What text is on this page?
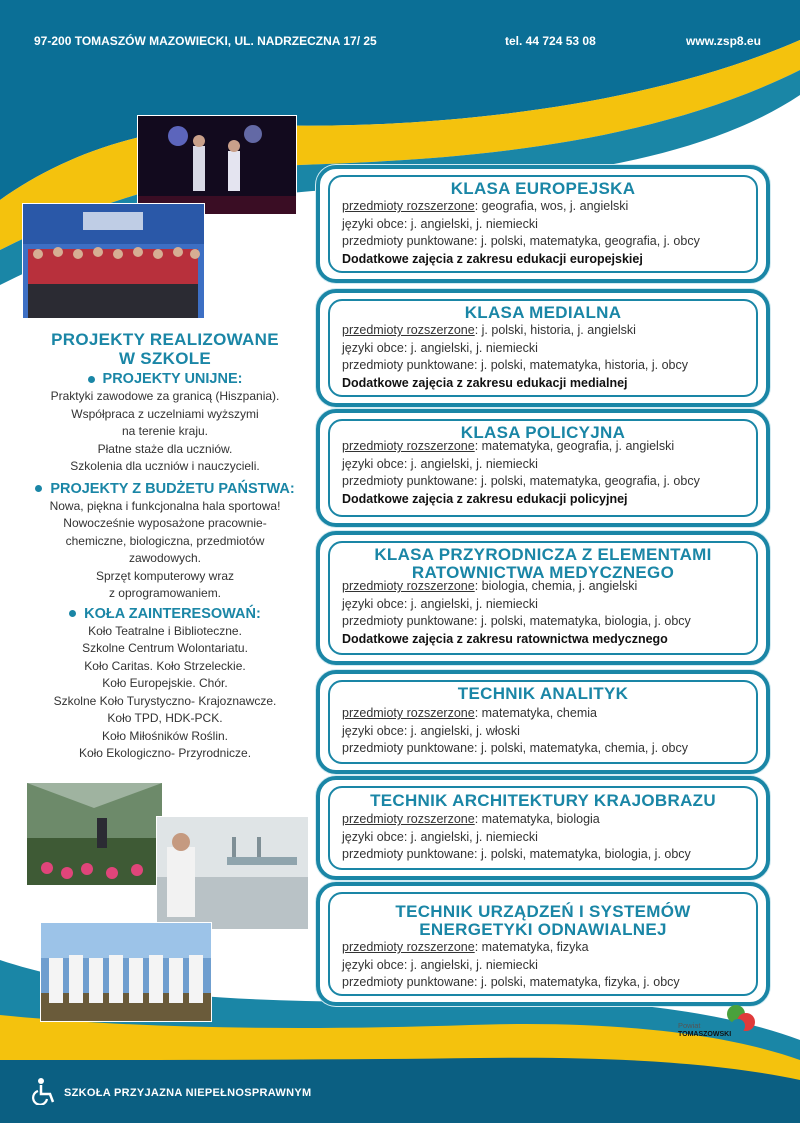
97-200 TOMASZÓW MAZOWIECKI, UL. NADRZECZNA 17/ 25	tel. 44 724 53 08	www.zsp8.eu
PROJEKTY REALIZOWANE
W SZKOLE
PROJEKTY UNIJNE:
Praktyki zawodowe za granicą (Hiszpania).
Współpraca z uczelniami wyższymi
na terenie kraju.
Płatne staże dla uczniów.
Szkolenia dla uczniów i nauczycieli.
PROJEKTY Z BUDŻETU PAŃSTWA:
Nowa, piękna i funkcjonalna hala sportowa!
Nowocześnie wyposażone pracownie-
chemiczne, biologiczna, przedmiotów
zawodowych.
Sprzęt komputerowy wraz
z oprogramowaniem.
KOŁA ZAINTERESOWAŃ:
Koło Teatralne i Biblioteczne.
Szkolne Centrum Wolontariatu.
Koło Caritas. Koło Strzeleckie.
Koło Europejskie. Chór.
Szkolne Koło Turystyczno- Krajoznawcze.
Koło TPD, HDK-PCK.
Koło Miłośników Roślin.
Koło Ekologiczno- Przyrodnicze.
KLASA EUROPEJSKA
przedmioty rozszerzone: geografia, wos, j. angielski
języki obce: j. angielski, j. niemiecki
przedmioty punktowane: j. polski, matematyka, geografia, j. obcy
Dodatkowe zajęcia z zakresu edukacji europejskiej
KLASA MEDIALNA
przedmioty rozszerzone: j. polski, historia, j. angielski
języki obce: j. angielski, j. niemiecki
przedmioty punktowane: j. polski, matematyka, historia, j. obcy
Dodatkowe zajęcia z zakresu edukacji medialnej
KLASA POLICYJNA
przedmioty rozszerzone: matematyka, geografia, j. angielski
języki obce: j. angielski, j. niemiecki
przedmioty punktowane: j. polski, matematyka, geografia, j. obcy
Dodatkowe zajęcia z zakresu edukacji policyjnej
KLASA PRZYRODNICZA Z ELEMENTAMI
RATOWNICTWA MEDYCZNEGO
przedmioty rozszerzone: biologia, chemia, j. angielski
języki obce: j. angielski, j. niemiecki
przedmioty punktowane: j. polski, matematyka, biologia, j. obcy
Dodatkowe zajęcia z zakresu ratownictwa medycznego
TECHNIK ANALITYK
przedmioty rozszerzone: matematyka, chemia
języki obce: j. angielski, j. włoski
przedmioty punktowane: j. polski, matematyka, chemia, j. obcy
TECHNIK ARCHITEKTURY KRAJOBRAZU
przedmioty rozszerzone: matematyka, biologia
języki obce: j. angielski, j. niemiecki
przedmioty punktowane: j. polski, matematyka, biologia, j. obcy
TECHNIK URZĄDZEŃ I SYSTEMÓW
ENERGETYKI ODNAWIALNEJ
przedmioty rozszerzone: matematyka, fizyka
języki obce: j. angielski, j. niemiecki
przedmioty punktowane: j. polski, matematyka, fizyka, j. obcy
Powiat
TOMASZOWSKI
SZKOŁA PRZYJAZNA NIEPEŁNOSPRAWNYM
